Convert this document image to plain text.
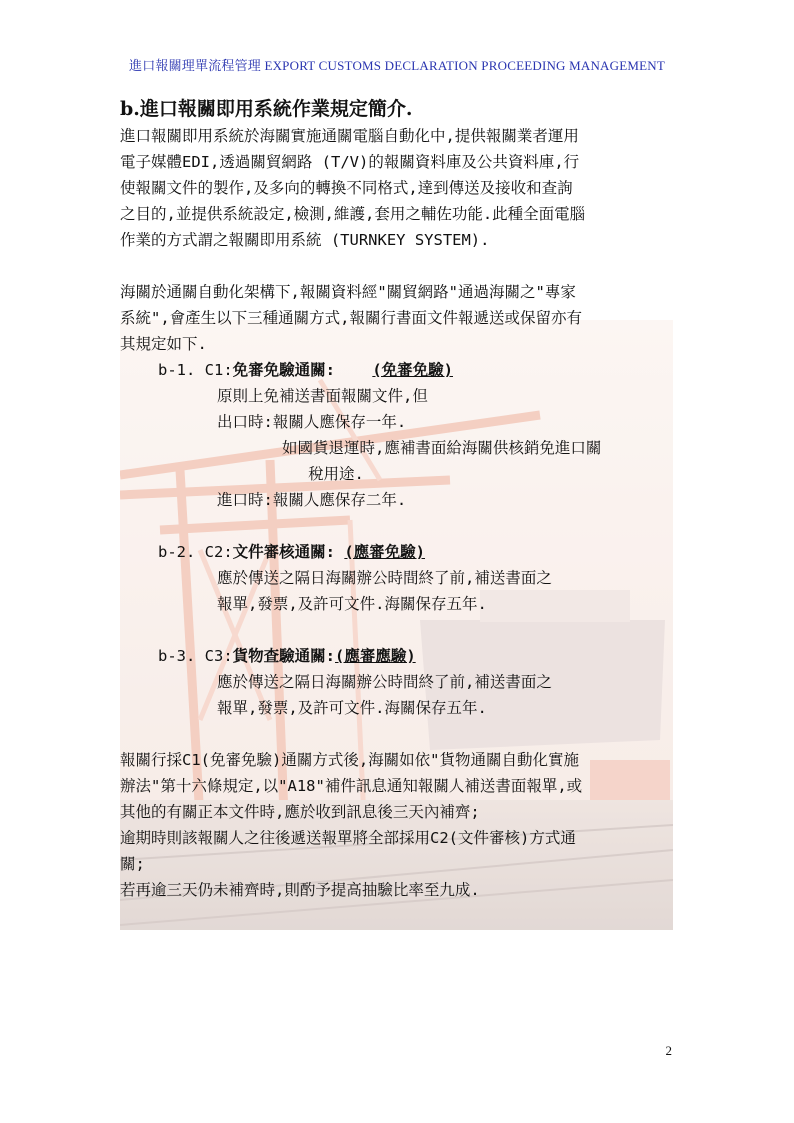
進口報關理單流程管理 EXPORT CUSTOMS DECLARATION PROCEEDING MANAGEMENT

b.進口報關即用系統作業規定簡介.

進口報關即用系統於海關實施通關電腦自動化中,提供報關業者運用

電子媒體EDI,透過關貿網路 (T/V)的報關資料庫及公共資料庫,行

使報關文件的製作,及多向的轉換不同格式,達到傳送及接收和查詢

之目的,並提供系統設定,檢測,維護,套用之輔佐功能.此種全面電腦

作業的方式謂之報關即用系統 (TURNKEY SYSTEM).

海關於通關自動化架構下,報關資料經"關貿網路"通過海關之"專家

系統",會產生以下三種通關方式,報關行書面文件報遞送或保留亦有

其規定如下.

b-1. C1:免審免驗通關: (免審免驗)

原則上免補送書面報關文件,但

出口時:報關人應保存一年.

如國貨退運時,應補書面給海關供核銷免進口關

稅用途.

進口時:報關人應保存二年.

b-2. C2:文件審核通關: (應審免驗)

應於傳送之隔日海關辦公時間終了前,補送書面之

報單,發票,及許可文件.海關保存五年.

b-3. C3:貨物查驗通關:(應審應驗)

應於傳送之隔日海關辦公時間終了前,補送書面之

報單,發票,及許可文件.海關保存五年.

報關行採C1(免審免驗)通關方式後,海關如依"貨物通關自動化實施

辦法"第十六條規定,以"A18"補件訊息通知報關人補送書面報單,或

其他的有關正本文件時,應於收到訊息後三天內補齊;

逾期時則該報關人之往後遞送報單將全部採用C2(文件審核)方式通

關;

若再逾三天仍未補齊時,則酌予提高抽驗比率至九成.

2
